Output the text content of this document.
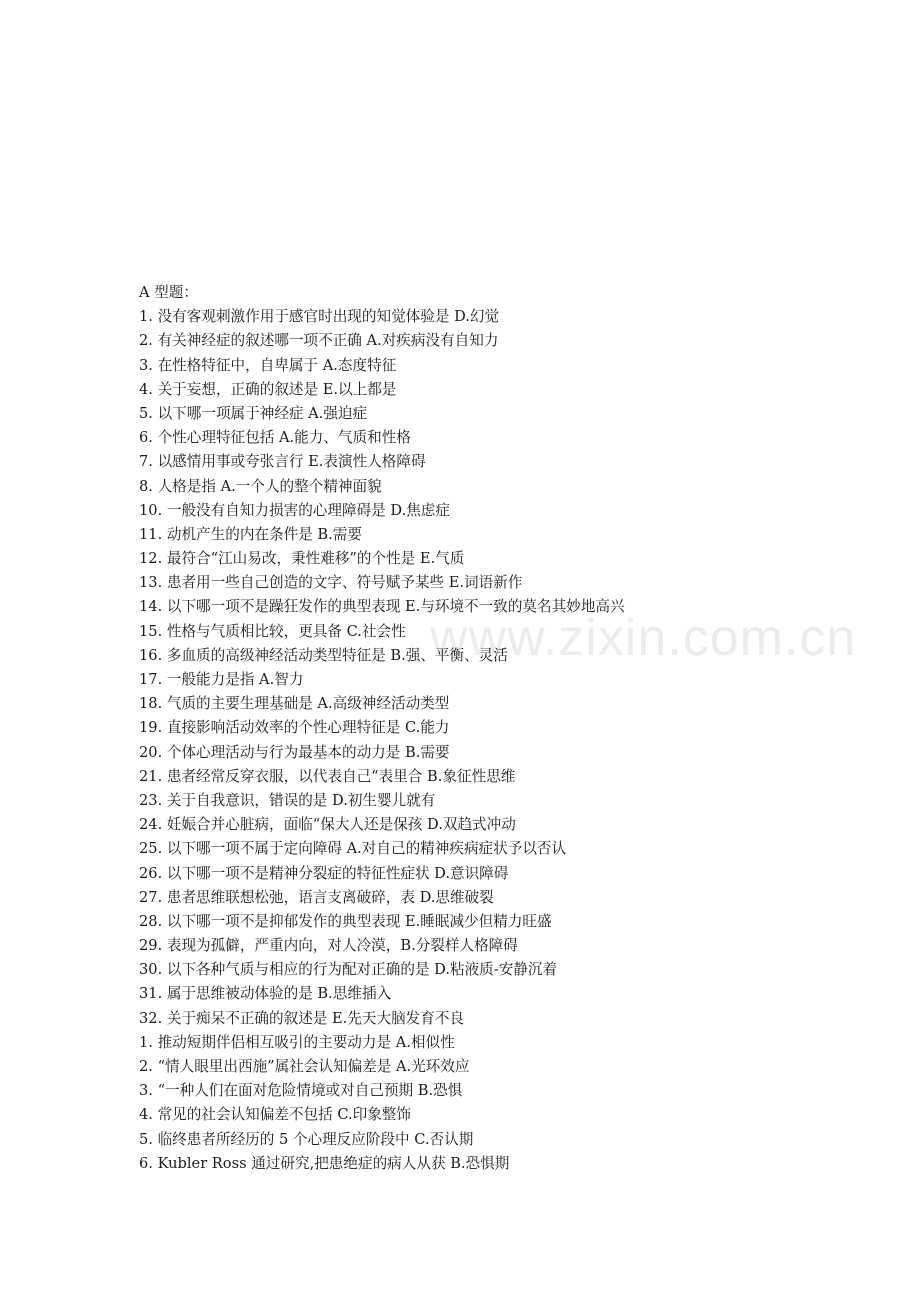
www.zixin.com.cn
A 型题：
1. 没有客观刺激作用于感官时出现的知觉体验是 D.幻觉
2. 有关神经症的叙述哪一项不正确 A.对疾病没有自知力
3. 在性格特征中，自卑属于 A.态度特征
4. 关于妄想，正确的叙述是 E.以上都是
5. 以下哪一项属于神经症 A.强迫症
6. 个性心理特征包括 A.能力、气质和性格
7. 以感情用事或夸张言行 E.表演性人格障碍
8. 人格是指 A.一个人的整个精神面貌
10. 一般没有自知力损害的心理障碍是 D.焦虑症
11. 动机产生的内在条件是 B.需要
12. 最符合“江山易改，秉性难移”的个性是 E.气质
13. 患者用一些自己创造的文字、符号赋予某些 E.词语新作
14. 以下哪一项不是躁狂发作的典型表现 E.与环境不一致的莫名其妙地高兴
15. 性格与气质相比较，更具备 C.社会性
16. 多血质的高级神经活动类型特征是 B.强、平衡、灵活
17. 一般能力是指 A.智力
18. 气质的主要生理基础是 A.高级神经活动类型
19. 直接影响活动效率的个性心理特征是 C.能力
20. 个体心理活动与行为最基本的动力是 B.需要
21. 患者经常反穿衣服，以代表自己“表里合 B.象征性思维
23. 关于自我意识，错误的是 D.初生婴儿就有
24. 妊娠合并心脏病，面临“保大人还是保孩 D.双趋式冲动
25. 以下哪一项不属于定向障碍 A.对自己的精神疾病症状予以否认
26. 以下哪一项不是精神分裂症的特征性症状 D.意识障碍
27. 患者思维联想松弛，语言支离破碎，表 D.思维破裂
28. 以下哪一项不是抑郁发作的典型表现 E.睡眠减少但精力旺盛
29. 表现为孤僻，严重内向，对人冷漠，B.分裂样人格障碍
30. 以下各种气质与相应的行为配对正确的是 D.粘液质-安静沉着
31. 属于思维被动体验的是 B.思维插入
32. 关于痴呆不正确的叙述是 E.先天大脑发育不良
1. 推动短期伴侣相互吸引的主要动力是 A.相似性
2. “情人眼里出西施”属社会认知偏差是 A.光环效应
3. “一种人们在面对危险情境或对自己预期 B.恐惧
4. 常见的社会认知偏差不包括 C.印象整饰
5. 临终患者所经历的 5 个心理反应阶段中 C.否认期
6. Kubler Ross 通过研究,把患绝症的病人从获 B.恐惧期
